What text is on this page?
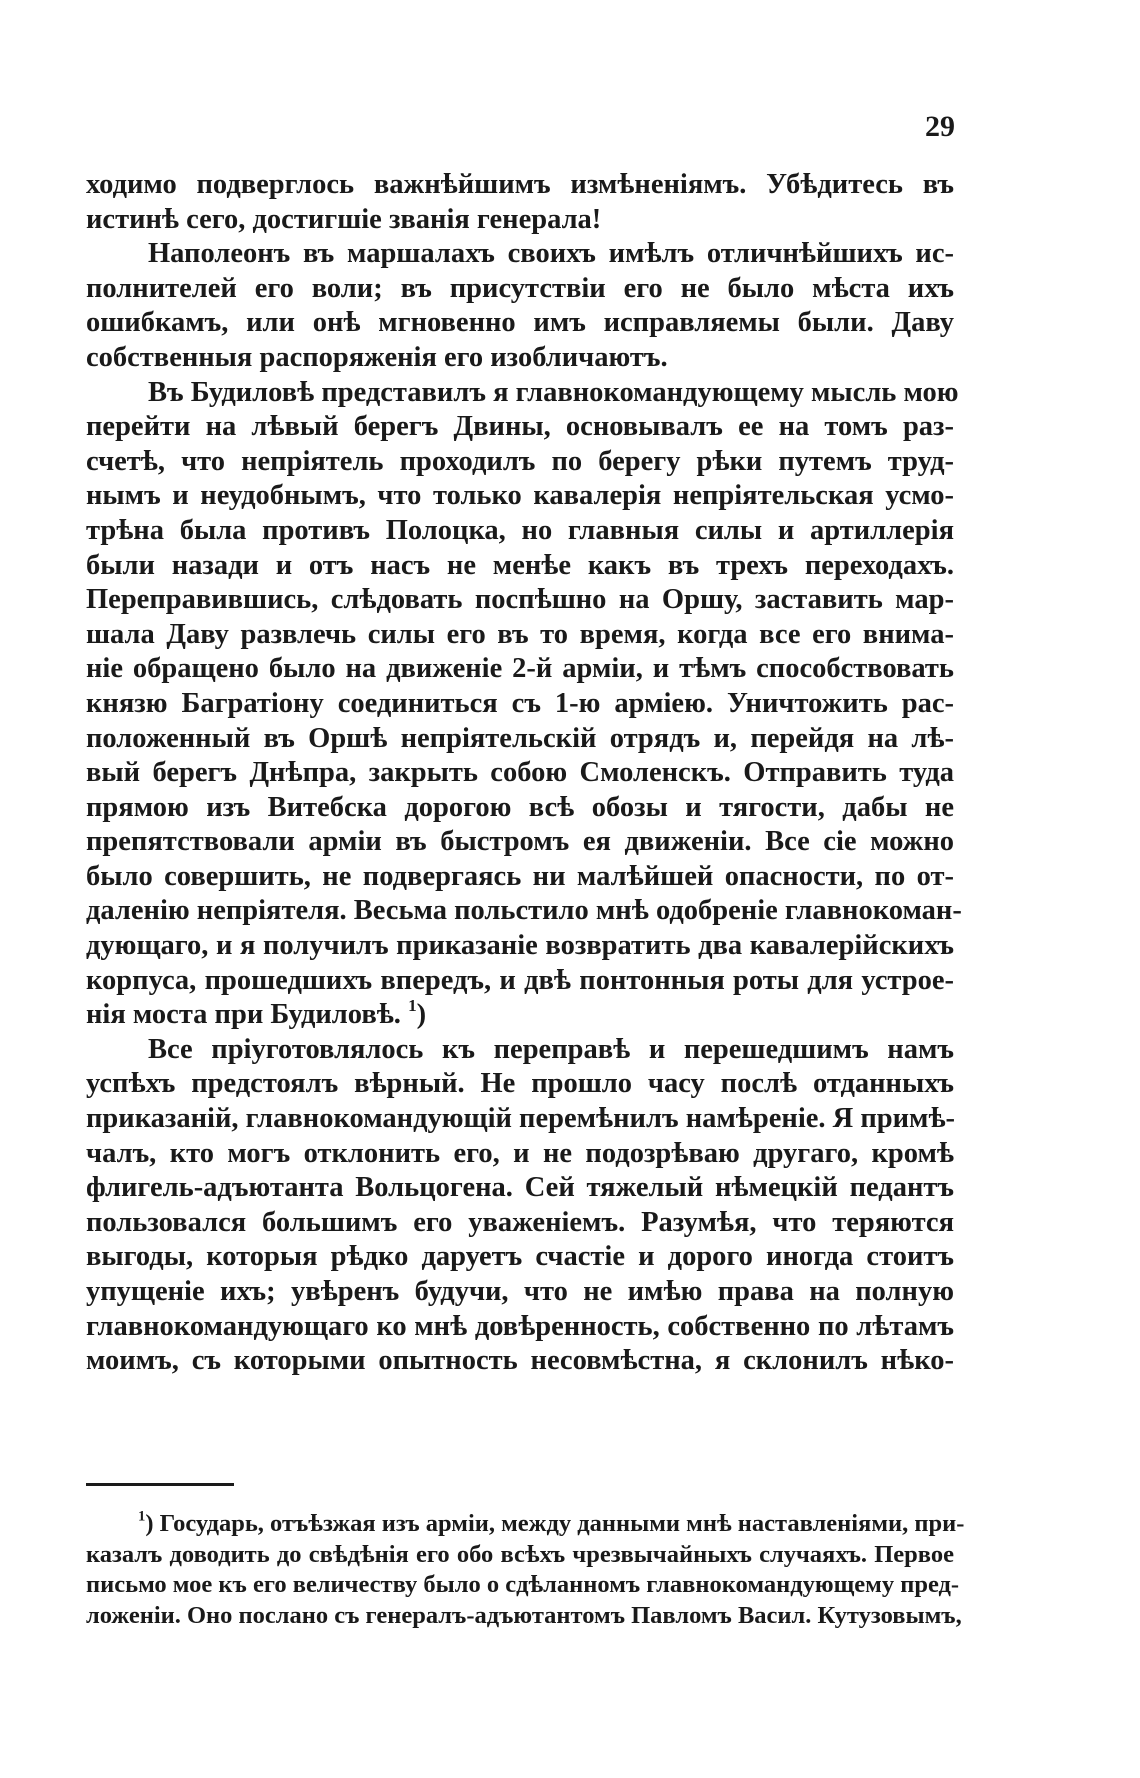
29
ходимо подверглось важнѣйшимъ измѣненіямъ. Убѣдитесь въ
истинѣ сего, достигшіе званія генерала!
Наполеонъ въ маршалахъ своихъ имѣлъ отличнѣйшихъ ис-
полнителей его воли; въ присутствіи его не было мѣста ихъ
ошибкамъ, или онѣ мгновенно имъ исправляемы были. Даву
собственныя распоряженія его изобличаютъ.
Въ Будиловѣ представилъ я главнокомандующему мысль мою
перейти на лѣвый берегъ Двины, основывалъ ее на томъ раз-
счетѣ, что непріятель проходилъ по берегу рѣки путемъ труд-
нымъ и неудобнымъ, что только кавалерія непріятельская усмо-
трѣна была противъ Полоцка, но главныя силы и артиллерія
были назади и отъ насъ не менѣе какъ въ трехъ переходахъ.
Переправившись, слѣдовать поспѣшно на Оршу, заставить мар-
шала Даву развлечь силы его въ то время, когда все его внима-
ніе обращено было на движеніе 2-й арміи, и тѣмъ способствовать
князю Багратіону соединиться съ 1-ю арміею. Уничтожить рас-
положенный въ Оршѣ непріятельскій отрядъ и, перейдя на лѣ-
вый берегъ Днѣпра, закрыть собою Смоленскъ. Отправить туда
прямою изъ Витебска дорогою всѣ обозы и тягости, дабы не
препятствовали арміи въ быстромъ ея движеніи. Все сіе можно
было совершить, не подвергаясь ни малѣйшей опасности, по от-
даленію непріятеля. Весьма польстило мнѣ одобреніе главнокоман-
дующаго, и я получилъ приказаніе возвратить два кавалерійскихъ
корпуса, прошедшихъ впередъ, и двѣ понтонныя роты для устрое-
нія моста при Будиловѣ. $^1$)
Все пріуготовлялось къ переправѣ и перешедшимъ намъ
успѣхъ предстоялъ вѣрный. Не прошло часу послѣ отданныхъ
приказаній, главнокомандующій перемѣнилъ намѣреніе. Я примѣ-
чалъ, кто могъ отклонить его, и не подозрѣваю другаго, кромѣ
флигель-адъютанта Вольцогена. Сей тяжелый нѣмецкій педантъ
пользовался большимъ его уваженіемъ. Разумѣя, что теряются
выгоды, которыя рѣдко даруетъ счастіе и дорого иногда стоитъ
упущеніе ихъ; увѣренъ будучи, что не имѣю права на полную
главнокомандующаго ко мнѣ довѣренность, собственно по лѣтамъ
моимъ, съ которыми опытность несовмѣстна, я склонилъ нѣко-
$^1$) Государь, отъѣзжая изъ арміи, между данными мнѣ наставленіями, при-
казалъ доводить до свѣдѣнія его обо всѣхъ чрезвычайныхъ случаяхъ. Первое
письмо мое къ его величеству было о сдѣланномъ главнокомандующему пред-
ложеніи. Оно послано съ генералъ-адъютантомъ Павломъ Васил. Кутузовымъ,
